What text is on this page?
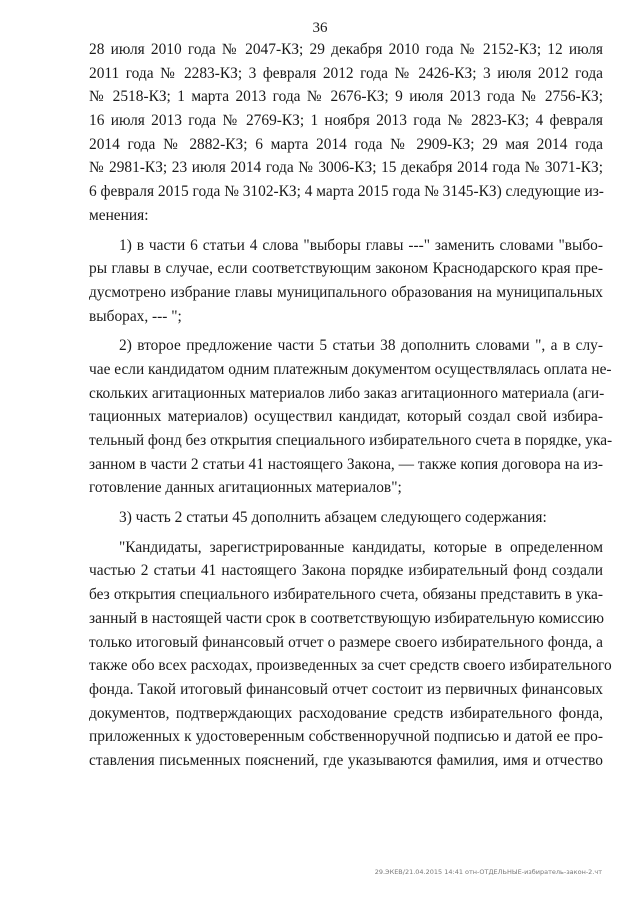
36
28 июля 2010 года № 2047-КЗ; 29 декабря 2010 года № 2152-КЗ; 12 июля
2011 года № 2283-КЗ; 3 февраля 2012 года № 2426-КЗ; 3 июля 2012 года
№ 2518-КЗ; 1 марта 2013 года № 2676-КЗ; 9 июля 2013 года № 2756-КЗ;
16 июля 2013 года № 2769-КЗ; 1 ноября 2013 года № 2823-КЗ; 4 февраля
2014 года № 2882-КЗ; 6 марта 2014 года № 2909-КЗ; 29 мая 2014 года
№ 2981-КЗ; 23 июля 2014 года № 3006-КЗ; 15 декабря 2014 года № 3071-КЗ;
6 февраля 2015 года № 3102-КЗ; 4 марта 2015 года № 3145-КЗ) следующие из-
менения:
1) в части 6 статьи 4 слова "выборы главы ---" заменить словами "выбо-
ры главы в случае, если соответствующим законом Краснодарского края пре-
дусмотрено избрание главы муниципального образования на муниципальных
выборах, --- ";
2) второе предложение части 5 статьи 38 дополнить словами ", а в слу-
чае если кандидатом одним платежным документом осуществлялась оплата не-
скольких агитационных материалов либо заказ агитационного материала (аги-
тационных материалов) осуществил кандидат, который создал свой избира-
тельный фонд без открытия специального избирательного счета в порядке, ука-
занном в части 2 статьи 41 настоящего Закона, — также копия договора на из-
готовление данных агитационных материалов";
3) часть 2 статьи 45 дополнить абзацем следующего содержания:
"Кандидаты, зарегистрированные кандидаты, которые в определенном
частью 2 статьи 41 настоящего Закона порядке избирательный фонд создали
без открытия специального избирательного счета, обязаны представить в ука-
занный в настоящей части срок в соответствующую избирательную комиссию
только итоговый финансовый отчет о размере своего избирательного фонда, а
также обо всех расходах, произведенных за счет средств своего избирательного
фонда. Такой итоговый финансовый отчет состоит из первичных финансовых
документов, подтверждающих расходование средств избирательного фонда,
приложенных к удостоверенным собственноручной подписью и датой ее про-
ставления письменных пояснений, где указываются фамилия, имя и отчество
29.ЭКЕВ/21.04.2015 14:41 отн-ОТДЕЛЬНЫЕ-избиратель-закон-2.чт
